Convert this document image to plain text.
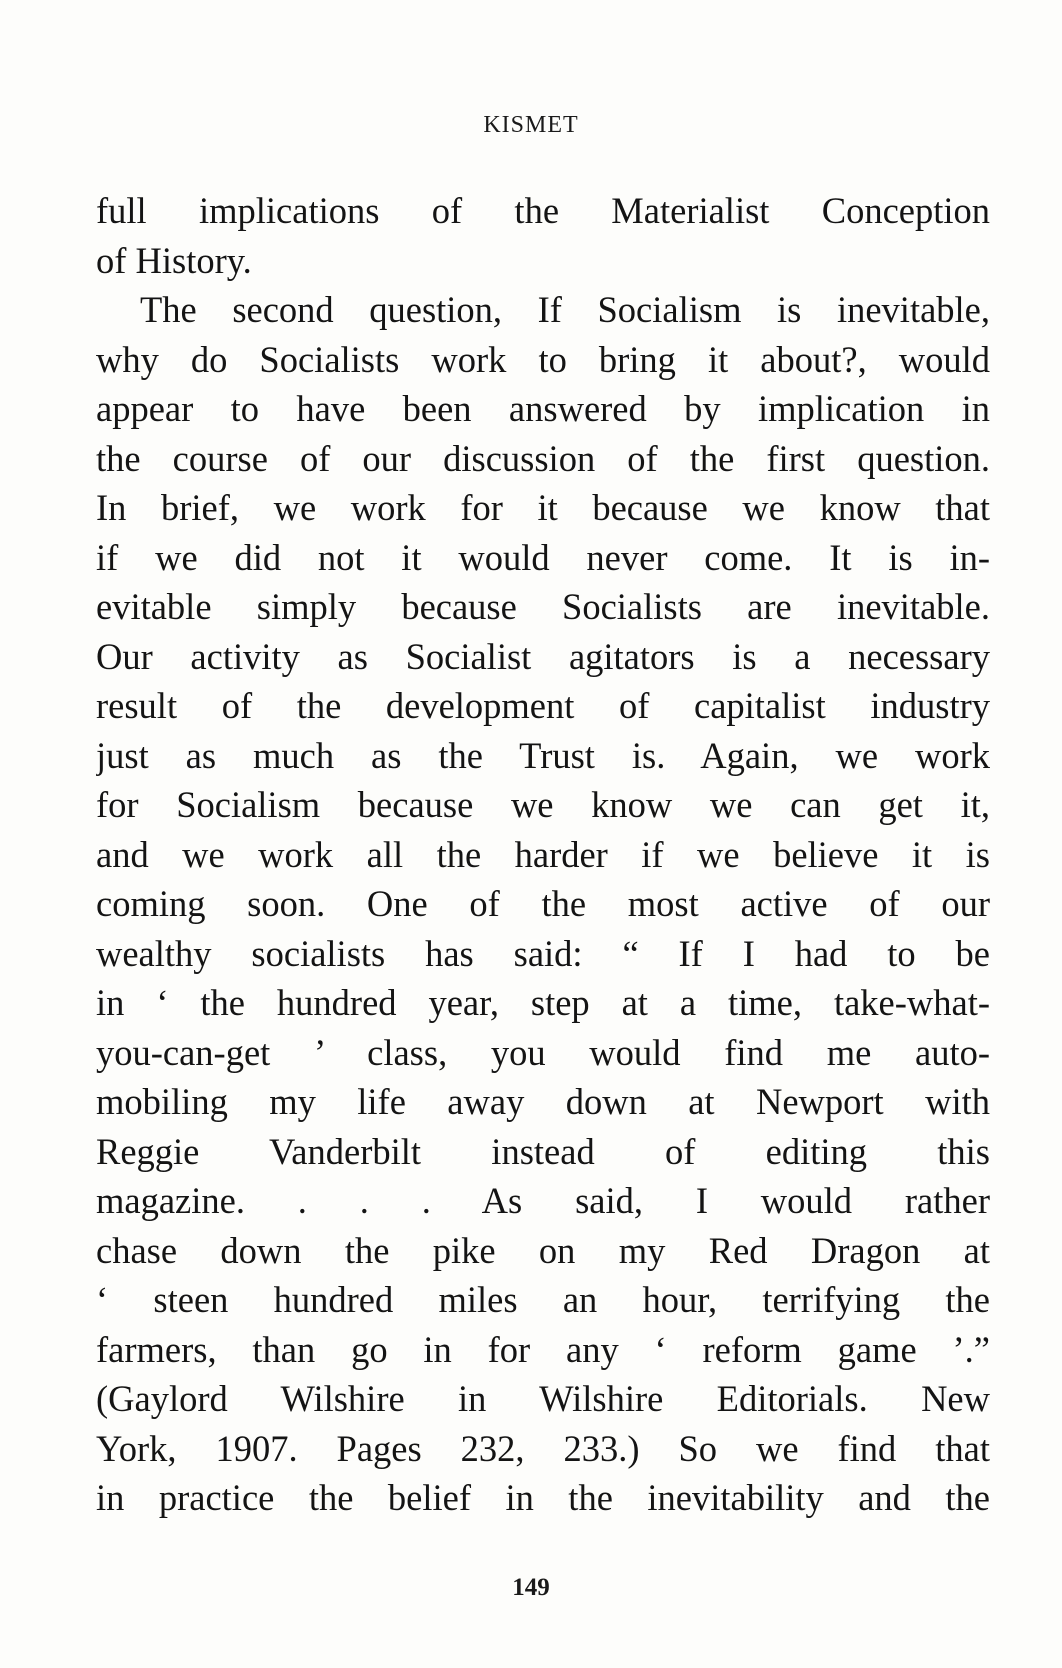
KISMET
full implications of the Materialist Conception
of History.
The second question, If Socialism is inevitable,
why do Socialists work to bring it about?, would
appear to have been answered by implication in
the course of our discussion of the first question.
In brief, we work for it because we know that
if we did not it would never come. It is in-
evitable simply because Socialists are inevitable.
Our activity as Socialist agitators is a necessary
result of the development of capitalist industry
just as much as the Trust is. Again, we work
for Socialism because we know we can get it,
and we work all the harder if we believe it is
coming soon. One of the most active of our
wealthy socialists has said: “ If I had to be
in ‘ the hundred year, step at a time, take-what-
you-can-get ’ class, you would find me auto-
mobiling my life away down at Newport with
Reggie Vanderbilt instead of editing this
magazine. . . . As said, I would rather
chase down the pike on my Red Dragon at
‘ steen hundred miles an hour, terrifying the
farmers, than go in for any ‘ reform game ’.”
(Gaylord Wilshire in Wilshire Editorials. New
York, 1907. Pages 232, 233.) So we find that
in practice the belief in the inevitability and the
149
